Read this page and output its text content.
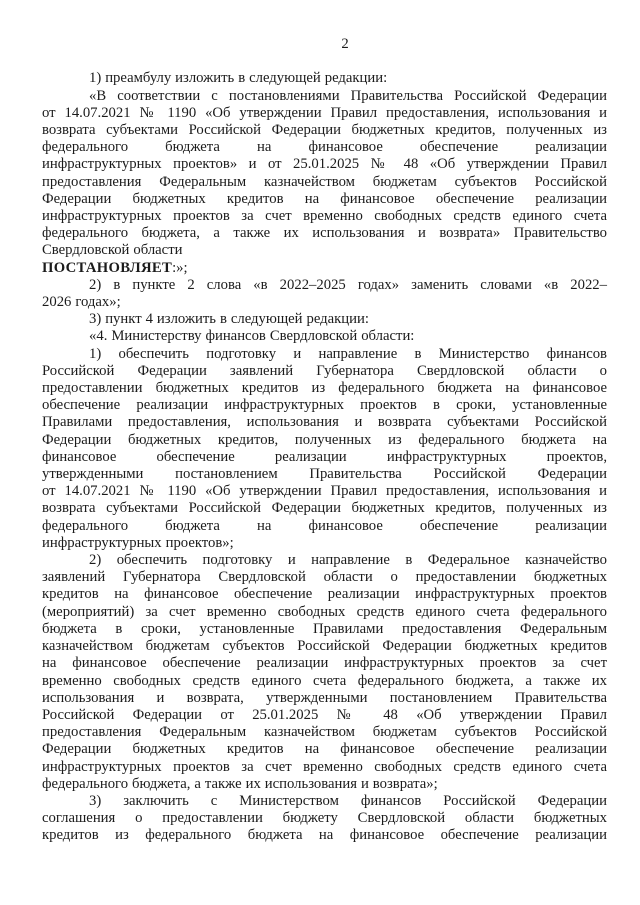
2
1) преамбулу изложить в следующей редакции:
«В соответствии с постановлениями Правительства Российской Федерации
от 14.07.2021 № 1190 «Об утверждении Правил предоставления, использования и
возврата субъектами Российской Федерации бюджетных кредитов, полученных из
федерального бюджета на финансовое обеспечение реализации
инфраструктурных проектов» и от 25.01.2025 № 48 «Об утверждении Правил
предоставления Федеральным казначейством бюджетам субъектов Российской
Федерации бюджетных кредитов на финансовое обеспечение реализации
инфраструктурных проектов за счет временно свободных средств единого счета
федерального бюджета, а также их использования и возврата» Правительство
Свердловской области
ПОСТАНОВЛЯЕТ:»;
2) в пункте 2 слова «в 2022–2025 годах» заменить словами «в 2022–
2026 годах»;
3) пункт 4 изложить в следующей редакции:
«4. Министерству финансов Свердловской области:
1) обеспечить подготовку и направление в Министерство финансов
Российской Федерации заявлений Губернатора Свердловской области о
предоставлении бюджетных кредитов из федерального бюджета на финансовое
обеспечение реализации инфраструктурных проектов в сроки, установленные
Правилами предоставления, использования и возврата субъектами Российской
Федерации бюджетных кредитов, полученных из федерального бюджета на
финансовое обеспечение реализации инфраструктурных проектов,
утвержденными постановлением Правительства Российской Федерации
от 14.07.2021 № 1190 «Об утверждении Правил предоставления, использования и
возврата субъектами Российской Федерации бюджетных кредитов, полученных из
федерального бюджета на финансовое обеспечение реализации
инфраструктурных проектов»;
2) обеспечить подготовку и направление в Федеральное казначейство
заявлений Губернатора Свердловской области о предоставлении бюджетных
кредитов на финансовое обеспечение реализации инфраструктурных проектов
(мероприятий) за счет временно свободных средств единого счета федерального
бюджета в сроки, установленные Правилами предоставления Федеральным
казначейством бюджетам субъектов Российской Федерации бюджетных кредитов
на финансовое обеспечение реализации инфраструктурных проектов за счет
временно свободных средств единого счета федерального бюджета, а также их
использования и возврата, утвержденными постановлением Правительства
Российской Федерации от 25.01.2025 № 48 «Об утверждении Правил
предоставления Федеральным казначейством бюджетам субъектов Российской
Федерации бюджетных кредитов на финансовое обеспечение реализации
инфраструктурных проектов за счет временно свободных средств единого счета
федерального бюджета, а также их использования и возврата»;
3) заключить с Министерством финансов Российской Федерации
соглашения о предоставлении бюджету Свердловской области бюджетных
кредитов из федерального бюджета на финансовое обеспечение реализации
